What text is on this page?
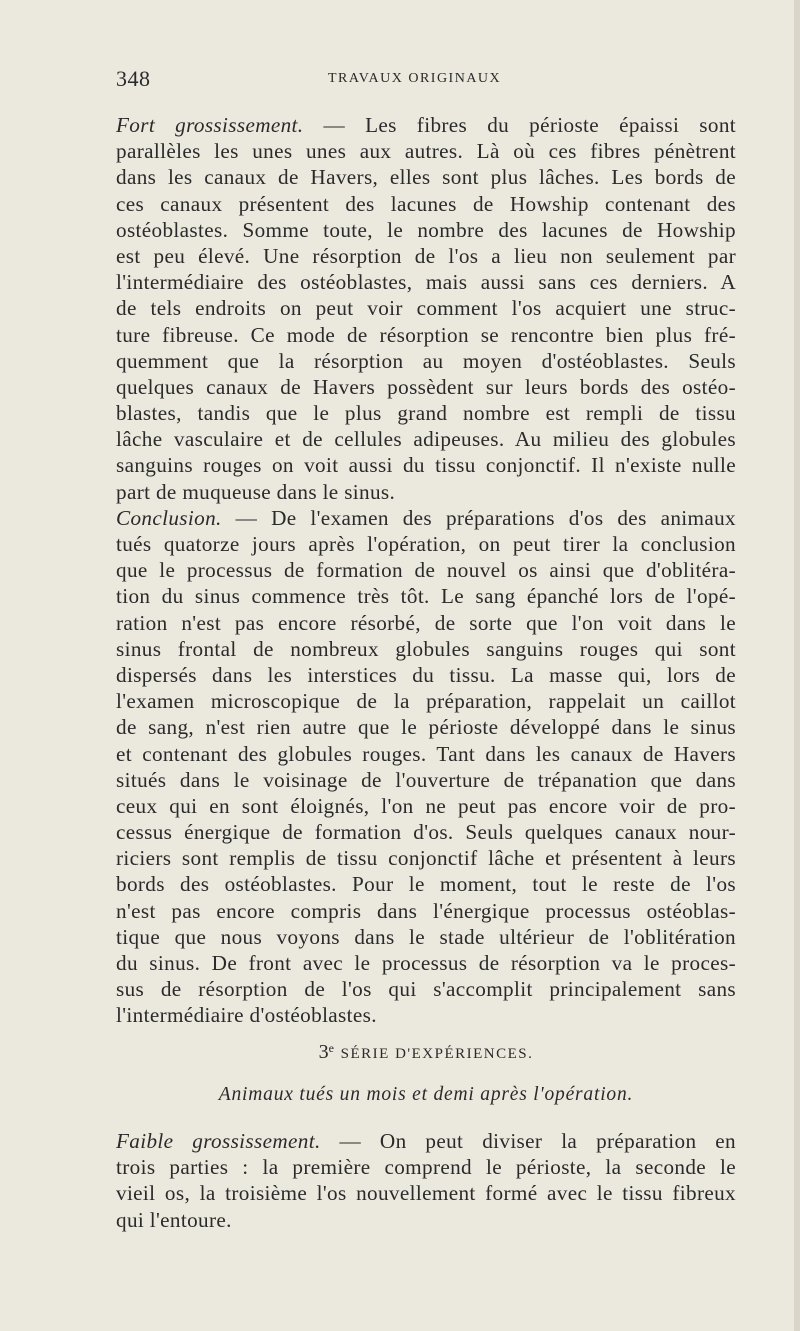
348	TRAVAUX ORIGINAUX

Fort grossissement. — Les fibres du périoste épaissi sont
parallèles les unes unes aux autres. Là où ces fibres pénètrent
dans les canaux de Havers, elles sont plus lâches. Les bords de
ces canaux présentent des lacunes de Howship contenant des
ostéoblastes. Somme toute, le nombre des lacunes de Howship
est peu élevé. Une résorption de l'os a lieu non seulement par
l'intermédiaire des ostéoblastes, mais aussi sans ces derniers. A
de tels endroits on peut voir comment l'os acquiert une struc-
ture fibreuse. Ce mode de résorption se rencontre bien plus fré-
quemment que la résorption au moyen d'ostéoblastes. Seuls
quelques canaux de Havers possèdent sur leurs bords des ostéo-
blastes, tandis que le plus grand nombre est rempli de tissu
lâche vasculaire et de cellules adipeuses. Au milieu des globules
sanguins rouges on voit aussi du tissu conjonctif. Il n'existe nulle
part de muqueuse dans le sinus.

Conclusion. — De l'examen des préparations d'os des animaux
tués quatorze jours après l'opération, on peut tirer la conclusion
que le processus de formation de nouvel os ainsi que d'oblitéra-
tion du sinus commence très tôt. Le sang épanché lors de l'opé-
ration n'est pas encore résorbé, de sorte que l'on voit dans le
sinus frontal de nombreux globules sanguins rouges qui sont
dispersés dans les interstices du tissu. La masse qui, lors de
l'examen microscopique de la préparation, rappelait un caillot
de sang, n'est rien autre que le périoste développé dans le sinus
et contenant des globules rouges. Tant dans les canaux de Havers
situés dans le voisinage de l'ouverture de trépanation que dans
ceux qui en sont éloignés, l'on ne peut pas encore voir de pro-
cessus énergique de formation d'os. Seuls quelques canaux nour-
riciers sont remplis de tissu conjonctif lâche et présentent à leurs
bords des ostéoblastes. Pour le moment, tout le reste de l'os
n'est pas encore compris dans l'énergique processus ostéoblas-
tique que nous voyons dans le stade ultérieur de l'oblitération
du sinus. De front avec le processus de résorption va le proces-
sus de résorption de l'os qui s'accomplit principalement sans
l'intermédiaire d'ostéoblastes.

3e SÉRIE D'EXPÉRIENCES.
Animaux tués un mois et demi après l'opération.

Faible grossissement. — On peut diviser la préparation en
trois parties : la première comprend le périoste, la seconde le
vieil os, la troisième l'os nouvellement formé avec le tissu fibreux
qui l'entoure.
